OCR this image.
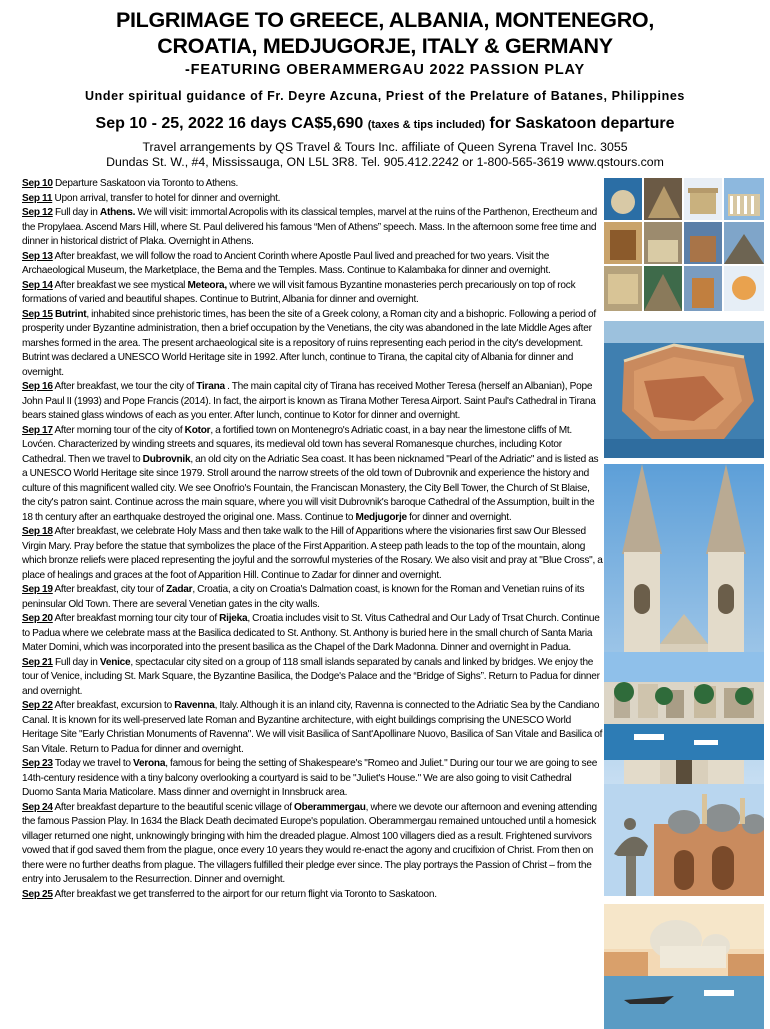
PILGRIMAGE TO GREECE, ALBANIA, MONTENEGRO,
CROATIA, MEDJUGORJE, ITALY & GERMANY
-FEATURING OBERAMMERGAU 2022 PASSION PLAY
Under spiritual guidance of Fr. Deyre Azcuna, Priest of the Prelature of Batanes, Philippines
Sep 10 - 25, 2022 16 days CA$5,690 (taxes & tips included) for Saskatoon departure
Travel arrangements by QS Travel & Tours Inc. affiliate of Queen Syrena Travel Inc. 3055
Dundas St. W., #4, Mississauga, ON L5L 3R8. Tel. 905.412.2242 or 1-800-565-3619 www.qstours.com

Sep 10 Departure Saskatoon via Toronto to Athens.

Sep 11 Upon arrival, transfer to hotel for dinner and overnight.

Sep 12 Full day in Athens. We will visit: immortal Acropolis with its classical temples, marvel at the ruins of the Parthenon, Erectheum and the Propylaea. Ascend Mars Hill, where St. Paul delivered his famous “Men of Athens” speech. Mass. In the afternoon some free time and dinner in historical district of Plaka. Overnight in Athens.

Sep 13 After breakfast, we will follow the road to Ancient Corinth where Apostle Paul lived and preached for two years. Visit the Archaeological Museum, the Marketplace, the Bema and the Temples. Mass. Continue to Kalambaka for dinner and overnight.

Sep 14 After breakfast we see mystical Meteora, where we will visit famous Byzantine monasteries perch precariously on top of rock formations of varied and beautiful shapes. Continue to Butrint, Albania for dinner and overnight.

Sep 15 Butrint, inhabited since prehistoric times, has been the site of a Greek colony, a Roman city and a bishopric. Following a period of prosperity under Byzantine administration, then a brief occupation by the Venetians, the city was abandoned in the late Middle Ages after marshes formed in the area. The present archaeological site is a repository of ruins representing each period in the city's development. Butrint was declared a UNESCO World Heritage site in 1992. After lunch, continue to Tirana, the capital city of Albania for dinner and overnight.

Sep 16 After breakfast, we tour the city of Tirana . The main capital city of Tirana has received Mother Teresa (herself an Albanian), Pope John Paul II (1993) and Pope Francis (2014). In fact, the airport is known as Tirana Mother Teresa Airport. Saint Paul's Cathedral in Tirana bears stained glass windows of each as you enter. After lunch, continue to Kotor for dinner and overnight.

Sep 17 After morning tour of the city of Kotor, a fortified town on Montenegro's Adriatic coast, in a bay near the limestone cliffs of Mt. Lovćen. Characterized by winding streets and squares, its medieval old town has several Romanesque churches, including Kotor Cathedral. Then we travel to Dubrovnik, an old city on the Adriatic Sea coast. It has been nicknamed "Pearl of the Adriatic" and is listed as a UNESCO World Heritage site since 1979. Stroll around the narrow streets of the old town of Dubrovnik and experience the history and culture of this magnificent walled city. We see Onofrio's Fountain, the Franciscan Monastery, the City Bell Tower, the Church of St Blaise, the city's patron saint. Continue across the main square, where you will visit Dubrovnik's baroque Cathedral of the Assumption, built in the 18 th century after an earthquake destroyed the original one. Mass. Continue to Medjugorje for dinner and overnight.

Sep 18 After breakfast, we celebrate Holy Mass and then take walk to the Hill of Apparitions where the visionaries first saw Our Blessed Virgin Mary. Pray before the statue that symbolizes the place of the First Apparition. A steep path leads to the top of the mountain, along which bronze reliefs were placed representing the joyful and the sorrowful mysteries of the Rosary. We also visit and pray at "Blue Cross", a place of healings and graces at the foot of Apparition Hill. Continue to Zadar for dinner and overnight.

Sep 19 After breakfast, city tour of Zadar, Croatia, a city on Croatia's Dalmation coast, is known for the Roman and Venetian ruins of its peninsular Old Town. There are several Venetian gates in the city walls.

Sep 20 After breakfast morning tour city tour of Rijeka, Croatia includes visit to St. Vitus Cathedral and Our Lady of Trsat Church. Continue to Padua where we celebrate mass at the Basilica dedicated to St. Anthony. St. Anthony is buried here in the small church of Santa Maria Mater Domini, which was incorporated into the present basilica as the Chapel of the Dark Madonna. Dinner and overnight in Padua.

Sep 21 Full day in Venice, spectacular city sited on a group of 118 small islands separated by canals and linked by bridges. We enjoy the tour of Venice, including St. Mark Square, the Byzantine Basilica, the Dodge's Palace and the “Bridge of Sighs”. Return to Padua for dinner and overnight.

Sep 22 After breakfast, excursion to Ravenna, Italy. Although it is an inland city, Ravenna is connected to the Adriatic Sea by the Candiano Canal. It is known for its well-preserved late Roman and Byzantine architecture, with eight buildings comprising the UNESCO World Heritage Site "Early Christian Monuments of Ravenna". We will visit Basilica of Sant'Apollinare Nuovo, Basilica of San Vitale and Basilica of San Vitale. Return to Padua for dinner and overnight.

Sep 23 Today we travel to Verona, famous for being the setting of Shakespeare's "Romeo and Juliet." During our tour we are going to see 14th-century residence with a tiny balcony overlooking a courtyard is said to be "Juliet's House." We are also going to visit Cathedral Duomo Santa Maria Maticolare. Mass dinner and overnight in Innsbruck area.

Sep 24 After breakfast departure to the beautiful scenic village of Oberammergau, where we devote our afternoon and evening attending the famous Passion Play. In 1634 the Black Death decimated Europe's population. Oberammergau remained untouched until a homesick villager returned one night, unknowingly bringing with him the dreaded plague. Almost 100 villagers died as a result. Frightened survivors vowed that if god saved them from the plague, once every 10 years they would re-enact the agony and crucifixion of Christ. From then on there were no further deaths from plague. The villagers fulfilled their pledge ever since. The play portrays the Passion of Christ – from the entry into Jerusalem to the Resurrection. Dinner and overnight.

Sep 25 After breakfast we get transferred to the airport for our return flight via Toronto to Saskatoon.
